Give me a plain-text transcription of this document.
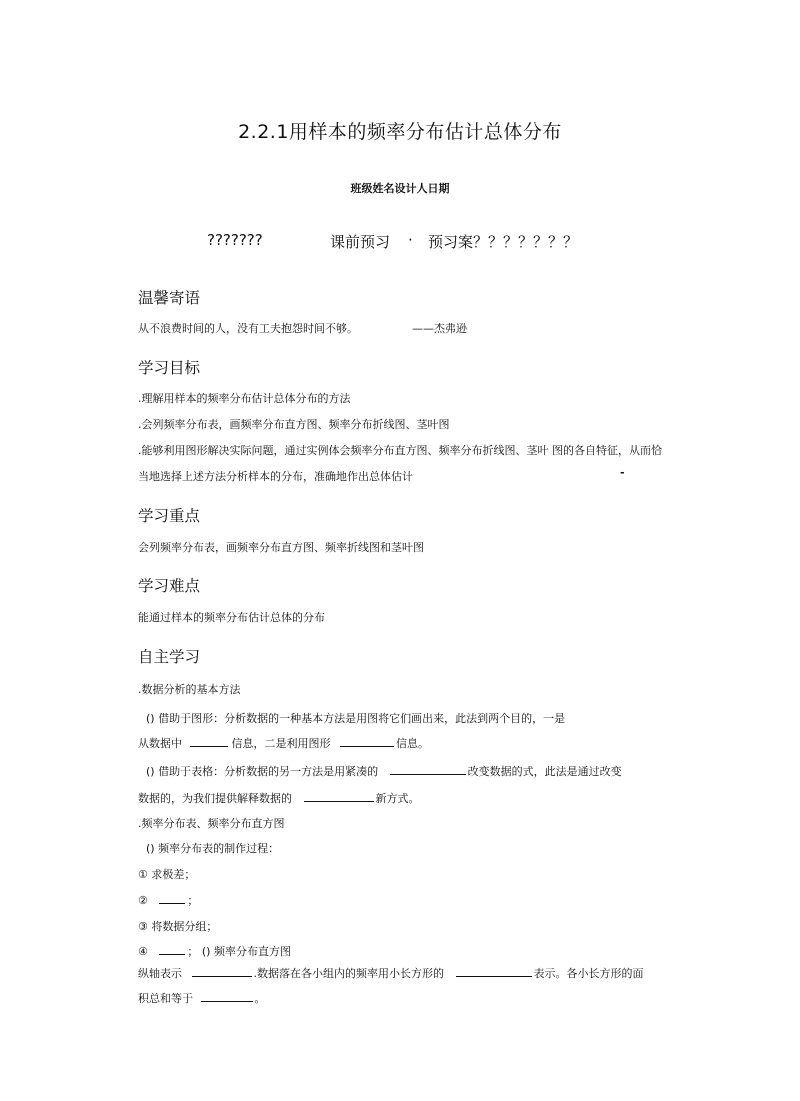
2.2.1用样本的频率分布估计总体分布
班级姓名设计人日期
???????	课前预习 · 预习案？？？？？？？
温馨寄语
从不浪费时间的人，没有工夫抱怨时间不够。	——杰弗逊
学习目标
.理解用样本的频率分布估计总体分布的方法
.会列频率分布表，画频率分布直方图、频率分布折线图、茎叶图
.能够利用图形解决实际问题，通过实例体会频率分布直方图、频率分布折线图、茎叶 图的各自特征，从而恰
当地选择上述方法分析样本的分布，准确地作出总体估计	-
学习重点
会列频率分布表，画频率分布直方图、频率折线图和茎叶图
学习难点
能通过样本的频率分布估计总体的分布
自主学习
.数据分析的基本方法
() 借助于图形：分析数据的一种基本方法是用图将它们画出来，此法到两个目的，一是
从数据中	信息，二是利用图形	信息。
() 借助于表格：分析数据的另一方法是用紧凑的	改变数据的式，此法是通过改变
数据的，为我们提供解释数据的	新方式。
.频率分布表、频率分布直方图
() 频率分布表的制作过程：
① 求极差；
②	；
③ 将数据分组；
④	； () 频率分布直方图
纵轴表示	.数据落在各小组内的频率用小长方形的	表示。各小长方形的面
积总和等于	。
